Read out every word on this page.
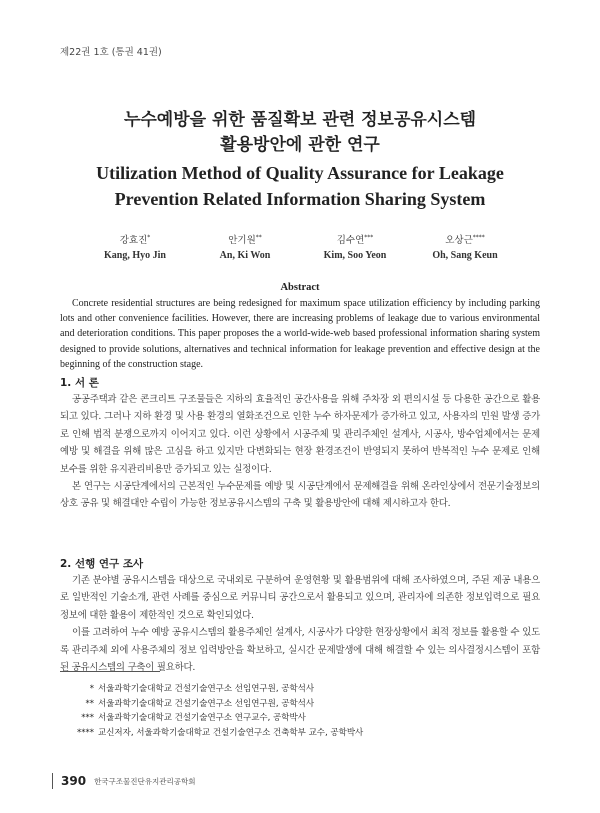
제22권 1호 (통권 41권)
누수예방을 위한 품질확보 관련 정보공유시스템
활용방안에 관한 연구
Utilization Method of Quality Assurance for Leakage
Prevention Related Information Sharing System
강효진*
Kang, Hyo Jin
안기원**
An, Ki Won
김수연***
Kim, Soo Yeon
오상근****
Oh, Sang Keun
Abstract
Concrete residential structures are being redesigned for maximum space utilization efficiency by including parking lots and other convenience facilities. However, there are increasing problems of leakage due to various environmental and deterioration conditions. This paper proposes the a world-wide-web based professional information sharing system designed to provide solutions, alternatives and technical information for leakage prevention and effective design at the beginning of the construction stage.
1. 서 론

공공주택과 같은 콘크리트 구조물들은 지하의 효율적인 공간사용을 위해 주차장 외 편의시설 등 다용한 공간으로 활용되고 있다. 그러나 지하 환경 및 사용 환경의 열화조건으로 인한 누수 하자문제가 증가하고 있고, 사용자의 민원 발생 증가로 인해 법적 분쟁으로까지 이어지고 있다. 이런 상황에서 시공주체 및 관리주체인 설계사, 시공사, 방수업체에서는 문제 예방 및 해결을 위해 많은 고심을 하고 있지만 다변화되는 현장 환경조건이 반영되지 못하여 반복적인 누수 문제로 인해 보수를 위한 유지관리비용만 증가되고 있는 실정이다.

본 연구는 시공단계에서의 근본적인 누수문제를 예방 및 시공단계에서 문제해결을 위해 온라인상에서 전문기술정보의 상호 공유 및 해결대안 수립이 가능한 정보공유시스템의 구축 및 활용방안에 대해 제시하고자 한다.

2. 선행 연구 조사

기존 분야별 공유시스템을 대상으로 국내외로 구분하여 운영현황 및 활용범위에 대해 조사하였으며, 주된 제공 내용으로 일반적인 기술소개, 관련 사례를 중심으로 커뮤니티 공간으로서 활용되고 있으며, 관리자에 의존한 정보입력으로 필요 정보에 대한 활용이 제한적인 것으로 확인되었다.

이를 고려하여 누수 예방 공유시스템의 활용주체인 설계사, 시공사가 다양한 현장상황에서 최적 정보를 활용할 수 있도록 관리주체 외에 사용주체의 정보 입력방안을 확보하고, 실시간 문제발생에 대해 해결할 수 있는 의사결정시스템이 포함된 공유시스템의 구축이 필요하다.

* 서울과학기술대학교 건설기술연구소 선임연구원, 공학석사
** 서울과학기술대학교 건설기술연구소 선임연구원, 공학석사
*** 서울과학기술대학교 건설기술연구소 연구교수, 공학박사
**** 교신저자, 서울과학기술대학교 건설기술연구소 건축학부 교수, 공학박사
390 한국구조물진단유지관리공학회
